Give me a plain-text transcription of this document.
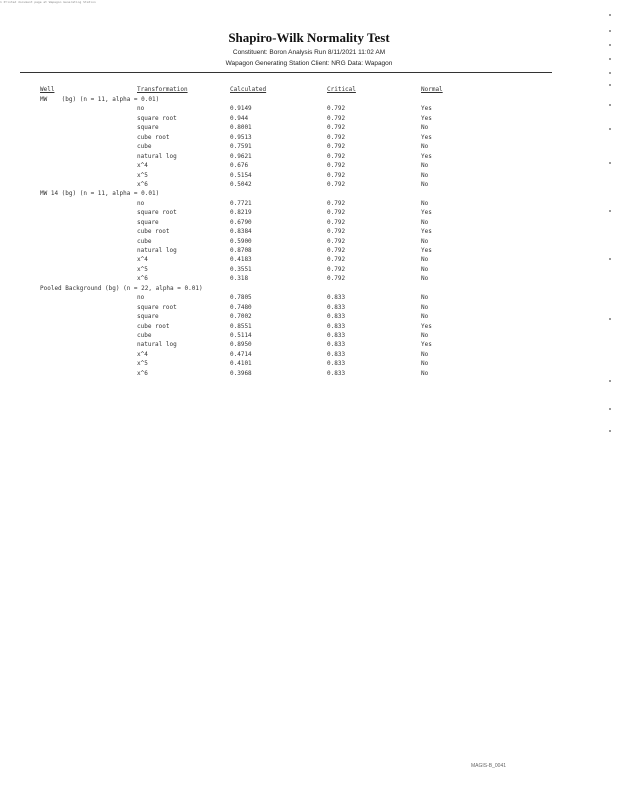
1 Printed document page at Wapagon Generating Station
Shapiro-Wilk Normality Test
Constituent: Boron Analysis Run 8/11/2021 11:02 AM
Wapagon Generating Station Client: NRG Data: Wapagon
Well	Transformation	Calculated	Critical	Normal
MW    (bg) (n = 11, alpha = 0.01)
no	0.9149	0.792	Yes
square root	0.944	0.792	Yes
square	0.8001	0.792	No
cube root	0.9513	0.792	Yes
cube	0.7591	0.792	No
natural log	0.9621	0.792	Yes
x^4	0.676	0.792	No
x^5	0.5154	0.792	No
x^6	0.5042	0.792	No
MW 14 (bg) (n = 11, alpha = 0.01)
no	0.7721	0.792	No
square root	0.8219	0.792	Yes
square	0.6790	0.792	No
cube root	0.8384	0.792	Yes
cube	0.5900	0.792	No
natural log	0.8708	0.792	Yes
x^4	0.4183	0.792	No
x^5	0.3551	0.792	No
x^6	0.318	0.792	No
Pooled Background (bg) (n = 22, alpha = 0.01)
no	0.7805	0.833	No
square root	0.7480	0.833	No
square	0.7002	0.833	No
cube root	0.8551	0.833	Yes
cube	0.5114	0.833	No
natural log	0.8950	0.833	Yes
x^4	0.4714	0.833	No
x^5	0.4101	0.833	No
x^6	0.3968	0.833	No
MAGIS-B_0041
